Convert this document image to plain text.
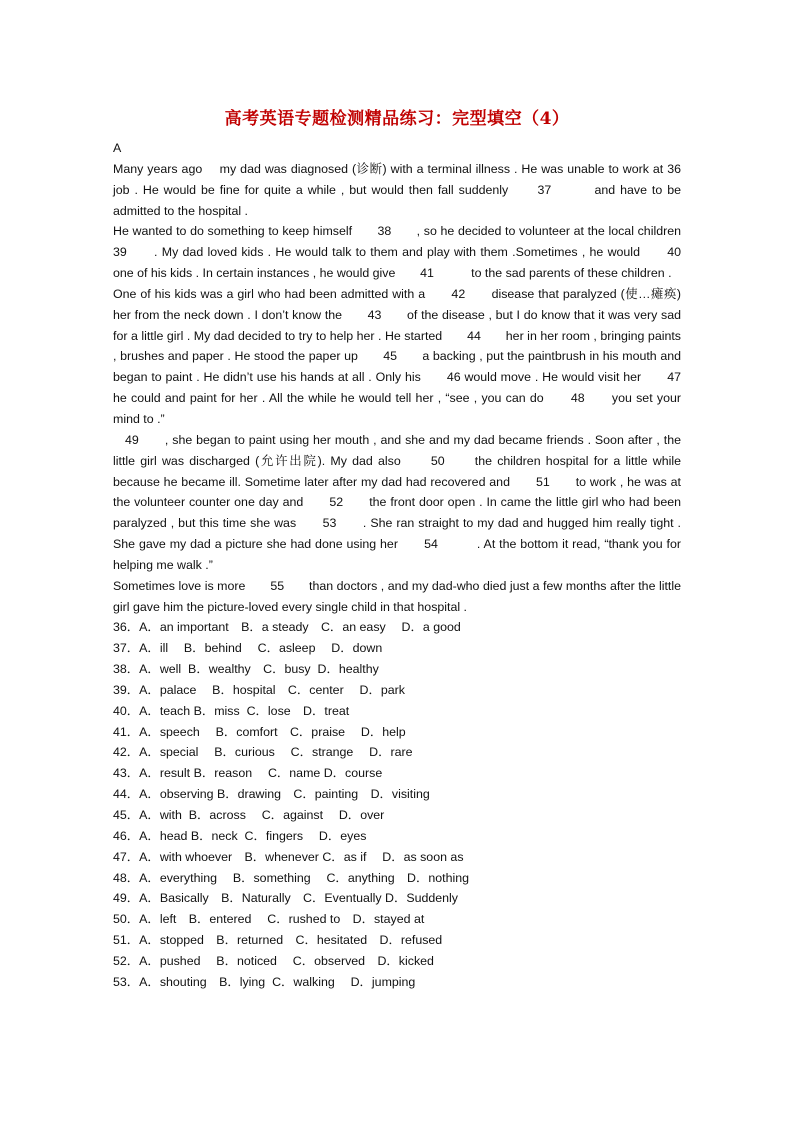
高考英语专题检测精品练习：完型填空（4）
A
Many years ago　 my dad was diagnosed (诊断) with a terminal illness . He was unable to work at 36　　job . He would be fine for quite a while , but would then fall suddenly　　37　　　and have to be admitted to the hospital .
He wanted to do something to keep himself　　38　　, so he decided to volunteer at the local children　　39　　. My dad loved kids . He would talk to them and play with them .Sometimes , he would　　40　　one of his kids . In certain instances , he would give　　41　　　to the sad parents of these children .
One of his kids was a girl who had been admitted with a　　42　　disease that paralyzed (使…瘫痪) her from the neck down . I don’t know the　　43　　of the disease , but I do know that it was very sad for a little girl . My dad decided to try to help her . He started　　44　　her in her room , bringing paints , brushes and paper . He stood the paper up　　45　　a backing , put the paintbrush in his mouth and began to paint . He didn’t use his hands at all . Only his　　46 would move . He would visit her　　47　　he could and paint for her . All the while he would tell her , “see , you can do　　48　　you set your mind to .”
49　　, she began to paint using her mouth , and she and my dad became friends . Soon after , the little girl was discharged (允许出院). My dad also　　50　　the children hospital for a little while because he became ill. Sometime later after my dad had recovered and　　51　　to work , he was at the volunteer counter one day and　　52　　the front door open . In came the little girl who had been paralyzed , but this time she was　　53　　. She ran straight to my dad and hugged him really tight . She gave my dad a picture she had done using her　　54　　　. At the bottom it read, “thank you for helping me walk .”
Sometimes love is more　　55　　than doctors , and my dad-who died just a few months after the little girl gave him the picture-loved every single child in that hospital .
36．A．an important　B．a steady　C．an easy　 D．a good
37．A．ill　 B．behind　 C．asleep　 D．down
38．A．well  B．wealthy　C．busy  D．healthy
39．A．palace　 B．hospital　C．center　 D．park
40．A．teach B．miss  C．lose　D．treat
41．A．speech　 B．comfort　C．praise　 D．help
42．A．special　 B．curious　 C．strange　 D．rare
43．A．result B．reason　 C．name D．course
44．A．observing B．drawing　C．painting　D．visiting
45．A．with  B．across　 C．against　 D．over
46．A．head B．neck  C．fingers　 D．eyes
47．A．with whoever　B．whenever C．as if　 D．as soon as
48．A．everything　 B．something　 C．anything　D．nothing
49．A．Basically　B．Naturally　C．Eventually D．Suddenly
50．A．left　B．entered　 C．rushed to　D．stayed at
51．A．stopped　B．returned　C．hesitated　D．refused
52．A．pushed　 B．noticed　 C．observed　D．kicked
53．A．shouting　B．lying  C．walking　 D．jumping
